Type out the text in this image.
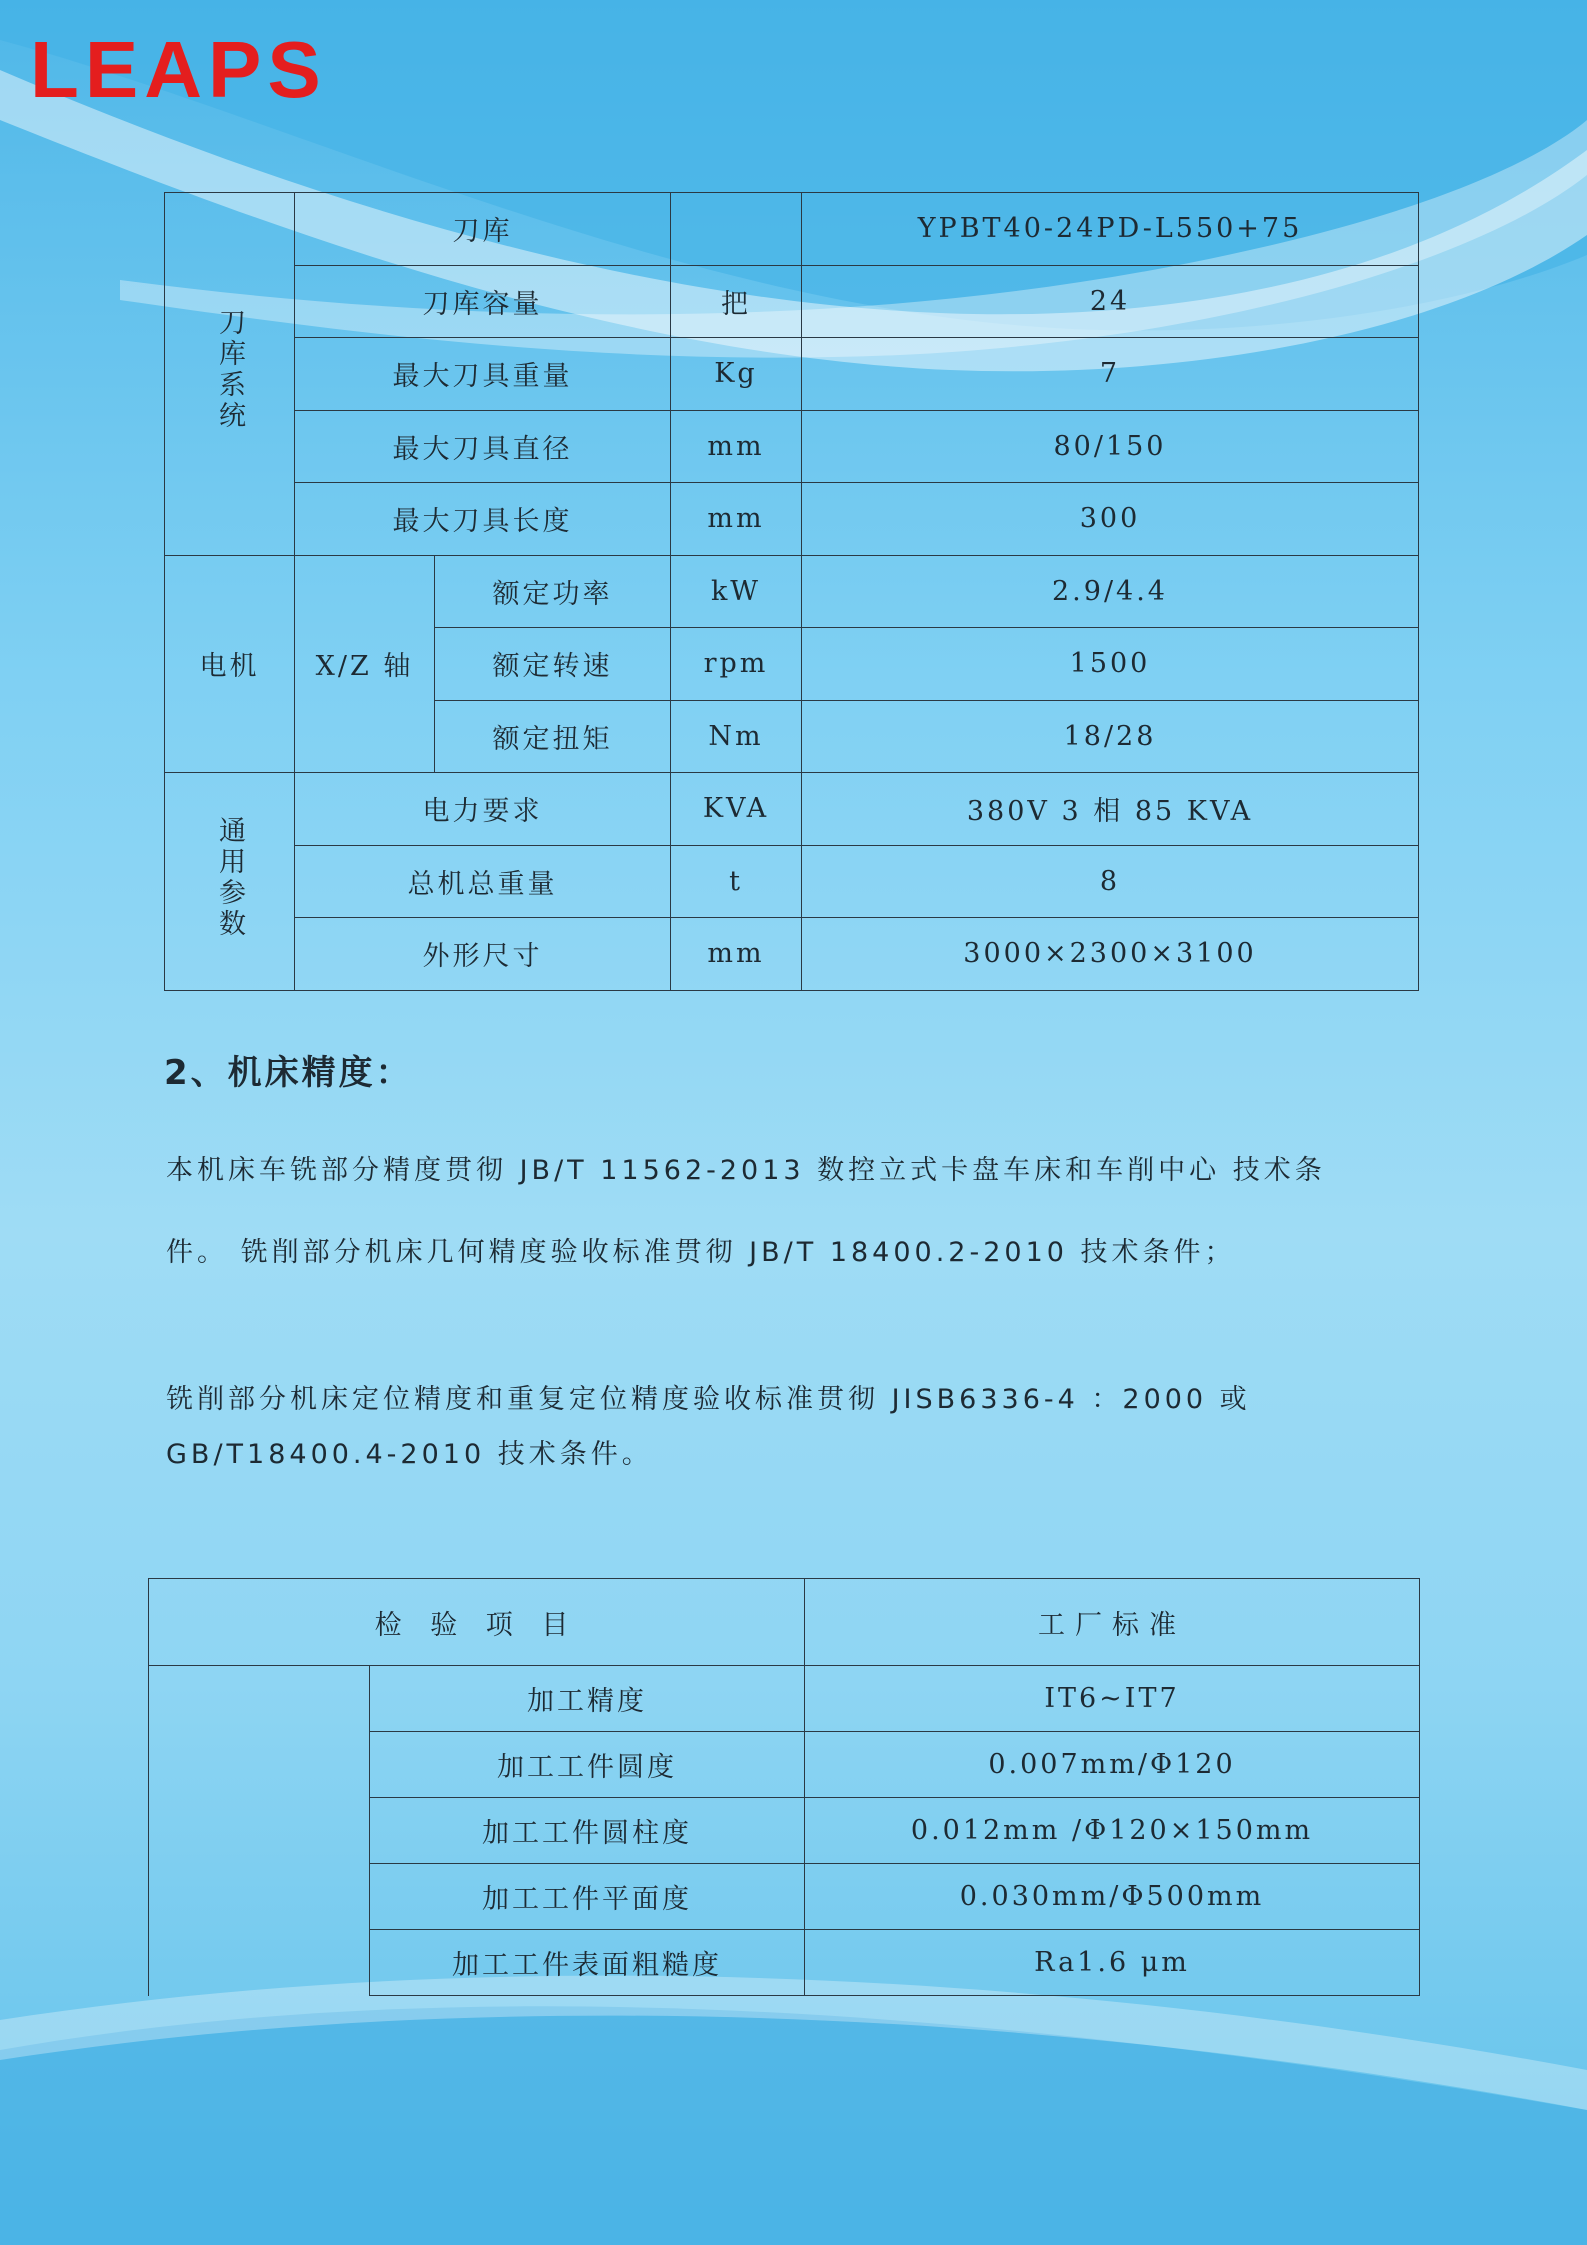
LEAPS
刀库系统	刀库			YPBT40-24PD-L550+75
	刀库容量		把	24
	最大刀具重量		Kg	7
	最大刀具直径		mm	80/150
	最大刀具长度		mm	300
电机	X/Z 轴	额定功率	kW	2.9/4.4
		额定转速	rpm	1500
		额定扭矩	Nm	18/28
通用参数	电力要求		KVA	380V 3 相 85 KVA
	总机总重量		t	8
	外形尺寸		mm	3000×2300×3100
2、机床精度：

本机床车铣部分精度贯彻 JB/T 11562-2013 数控立式卡盘车床和车削中心 技术条件。 铣削部分机床几何精度验收标准贯彻 JB/T 18400.2-2010 技术条件；

铣削部分机床定位精度和重复定位精度验收标准贯彻 JISB6336-4 ：2000 或 GB/T18400.4-2010 技术条件。

检 验 项 目		工厂标准
	加工精度	IT6~IT7
	加工工件圆度	0.007mm/Φ120
	加工工件圆柱度	0.012mm /Φ120×150mm
	加工工件平面度	0.030mm/Φ500mm
	加工工件表面粗糙度	Ra1.6 μm
